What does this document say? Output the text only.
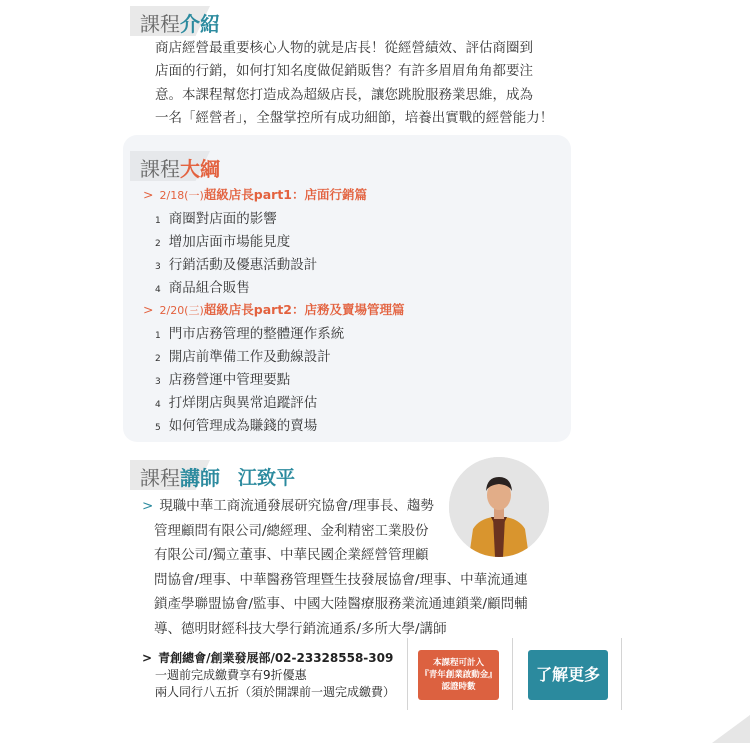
課程介紹
商店經營最重要核心人物的就是店長！從經營績效、評估商圈到
店面的行銷，如何打知名度做促銷販售？有許多眉眉角角都要注
意。本課程幫您打造成為超級店長，讓您跳脫服務業思維，成為
一名「經營者」，全盤掌控所有成功細節，培養出實戰的經營能力！
課程大綱
> 2/18(一)超級店長part1：店面行銷篇
1 商圈對店面的影響
2 增加店面市場能見度
3 行銷活動及優惠活動設計
4 商品組合販售
> 2/20(三)超級店長part2：店務及賣場管理篇
1 門市店務管理的整體運作系統
2 開店前準備工作及動線設計
3 店務營運中管理要點
4 打烊閉店與異常追蹤評估
5 如何管理成為賺錢的賣場
課程講師 江致平
> 現職中華工商流通發展研究協會/理事長、趨勢
管理顧問有限公司/總經理、金利精密工業股份
有限公司/獨立董事、中華民國企業經營管理顧
問協會/理事、中華醫務管理暨生技發展協會/理事、中華流通連
鎖產學聯盟協會/監事、中國大陸醫療服務業流通連鎖業/顧問輔
導、德明財經科技大學行銷流通系/多所大學/講師
> 青創總會/創業發展部/02-23328558-309
一週前完成繳費享有9折優惠
兩人同行八五折（須於開課前一週完成繳費）
本課程可計入
『青年創業啟動金』
認證時數
了解更多
